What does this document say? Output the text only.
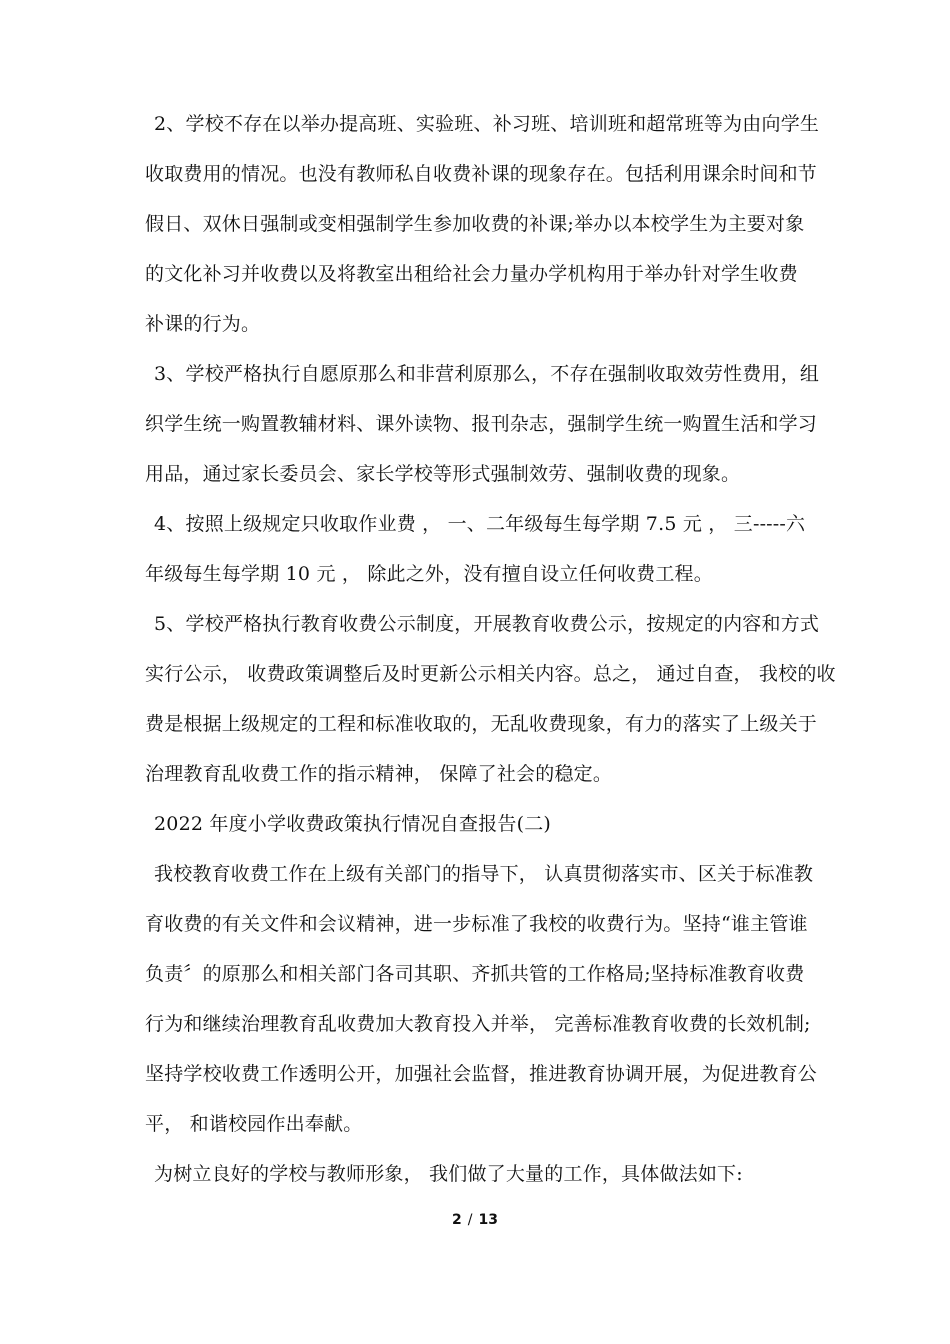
2、学校不存在以举办提高班、实验班、补习班、培训班和超常班等为由向学生
收取费用的情况。也没有教师私自收费补课的现象存在。包括利用课余时间和节
假日、双休日强制或变相强制学生参加收费的补课;举办以本校学生为主要对象
的文化补习并收费以及将教室出租给社会力量办学机构用于举办针对学生收费
补课的行为。
3、学校严格执行自愿原那么和非营利原那么，不存在强制收取效劳性费用，组
织学生统一购置教辅材料、课外读物、报刊杂志，强制学生统一购置生活和学习
用品，通过家长委员会、家长学校等形式强制效劳、强制收费的现象。
4、按照上级规定只收取作业费 ， 一、二年级每生每学期 7.5 元 ， 三-----六
年级每生每学期 10 元 ， 除此之外，没有擅自设立任何收费工程。
5、学校严格执行教育收费公示制度，开展教育收费公示，按规定的内容和方式
实行公示， 收费政策调整后及时更新公示相关内容。总之， 通过自查， 我校的收
费是根据上级规定的工程和标准收取的，无乱收费现象，有力的落实了上级关于
治理教育乱收费工作的指示精神， 保障了社会的稳定。
2022 年度小学收费政策执行情况自查报告(二)
我校教育收费工作在上级有关部门的指导下， 认真贯彻落实市、区关于标准教
育收费的有关文件和会议精神，进一步标准了我校的收费行为。坚持“谁主管谁
负责〞的原那么和相关部门各司其职、齐抓共管的工作格局;坚持标准教育收费
行为和继续治理教育乱收费加大教育投入并举， 完善标准教育收费的长效机制;
坚持学校收费工作透明公开，加强社会监督，推进教育协调开展，为促进教育公
平， 和谐校园作出奉献。
为树立良好的学校与教师形象， 我们做了大量的工作，具体做法如下:
2 / 13
